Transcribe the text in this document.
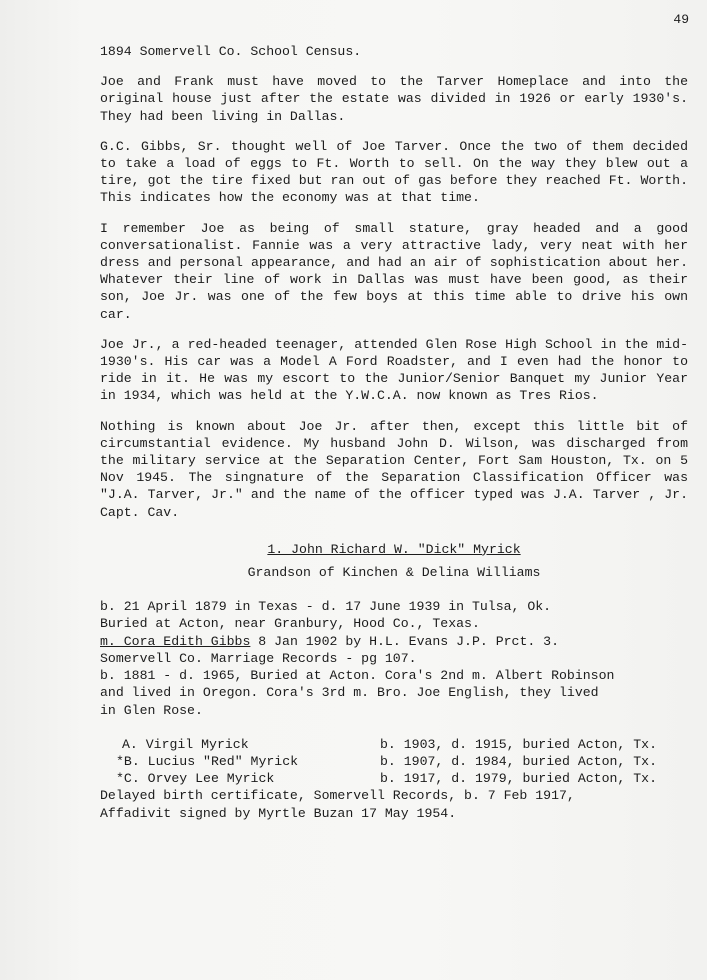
49

1894 Somervell Co. School Census.

Joe and Frank must have moved to the Tarver Homeplace and into the original house just after the estate was divided in 1926 or early 1930's. They had been living in Dallas.

G.C. Gibbs, Sr. thought well of Joe Tarver. Once the two of them decided to take a load of eggs to Ft. Worth to sell. On the way they blew out a tire, got the tire fixed but ran out of gas before they reached Ft. Worth. This indicates how the economy was at that time.

I remember Joe as being of small stature, gray headed and a good conversationalist. Fannie was a very attractive lady, very neat with her dress and personal appearance, and had an air of sophistication about her. Whatever their line of work in Dallas was must have been good, as their son, Joe Jr. was one of the few boys at this time able to drive his own car.

Joe Jr., a red-headed teenager, attended Glen Rose High School in the mid-1930's. His car was a Model A Ford Roadster, and I even had the honor to ride in it. He was my escort to the Junior/Senior Banquet my Junior Year in 1934, which was held at the Y.W.C.A. now known as Tres Rios.

Nothing is known about Joe Jr. after then, except this little bit of circumstantial evidence. My husband John D. Wilson, was discharged from the military service at the Separation Center, Fort Sam Houston, Tx. on 5 Nov 1945. The singnature of the Separation Classification Officer was "J.A. Tarver, Jr." and the name of the officer typed was J.A. Tarver , Jr. Capt. Cav.

1. John Richard W. "Dick" Myrick
Grandson of Kinchen & Delina Williams
b. 21 April 1879 in Texas - d. 17 June 1939 in Tulsa, Ok.
Buried at Acton, near Granbury, Hood Co., Texas.
m. Cora Edith Gibbs 8 Jan 1902 by H.L. Evans J.P. Prct. 3.
Somervell Co. Marriage Records - pg 107.
b. 1881 - d. 1965, Buried at Acton. Cora's 2nd m. Albert Robinson
and lived in Oregon. Cora's 3rd m. Bro. Joe English, they lived
in Glen Rose.
A. Virgil Myrick	b. 1903, d. 1915, buried Acton, Tx.
*B. Lucius "Red" Myrick	b. 1907, d. 1984, buried Acton, Tx.
*C. Orvey Lee Myrick	b. 1917, d. 1979, buried Acton, Tx.
Delayed birth certificate, Somervell Records, b. 7 Feb 1917,
Affadivit signed by Myrtle Buzan 17 May 1954.
